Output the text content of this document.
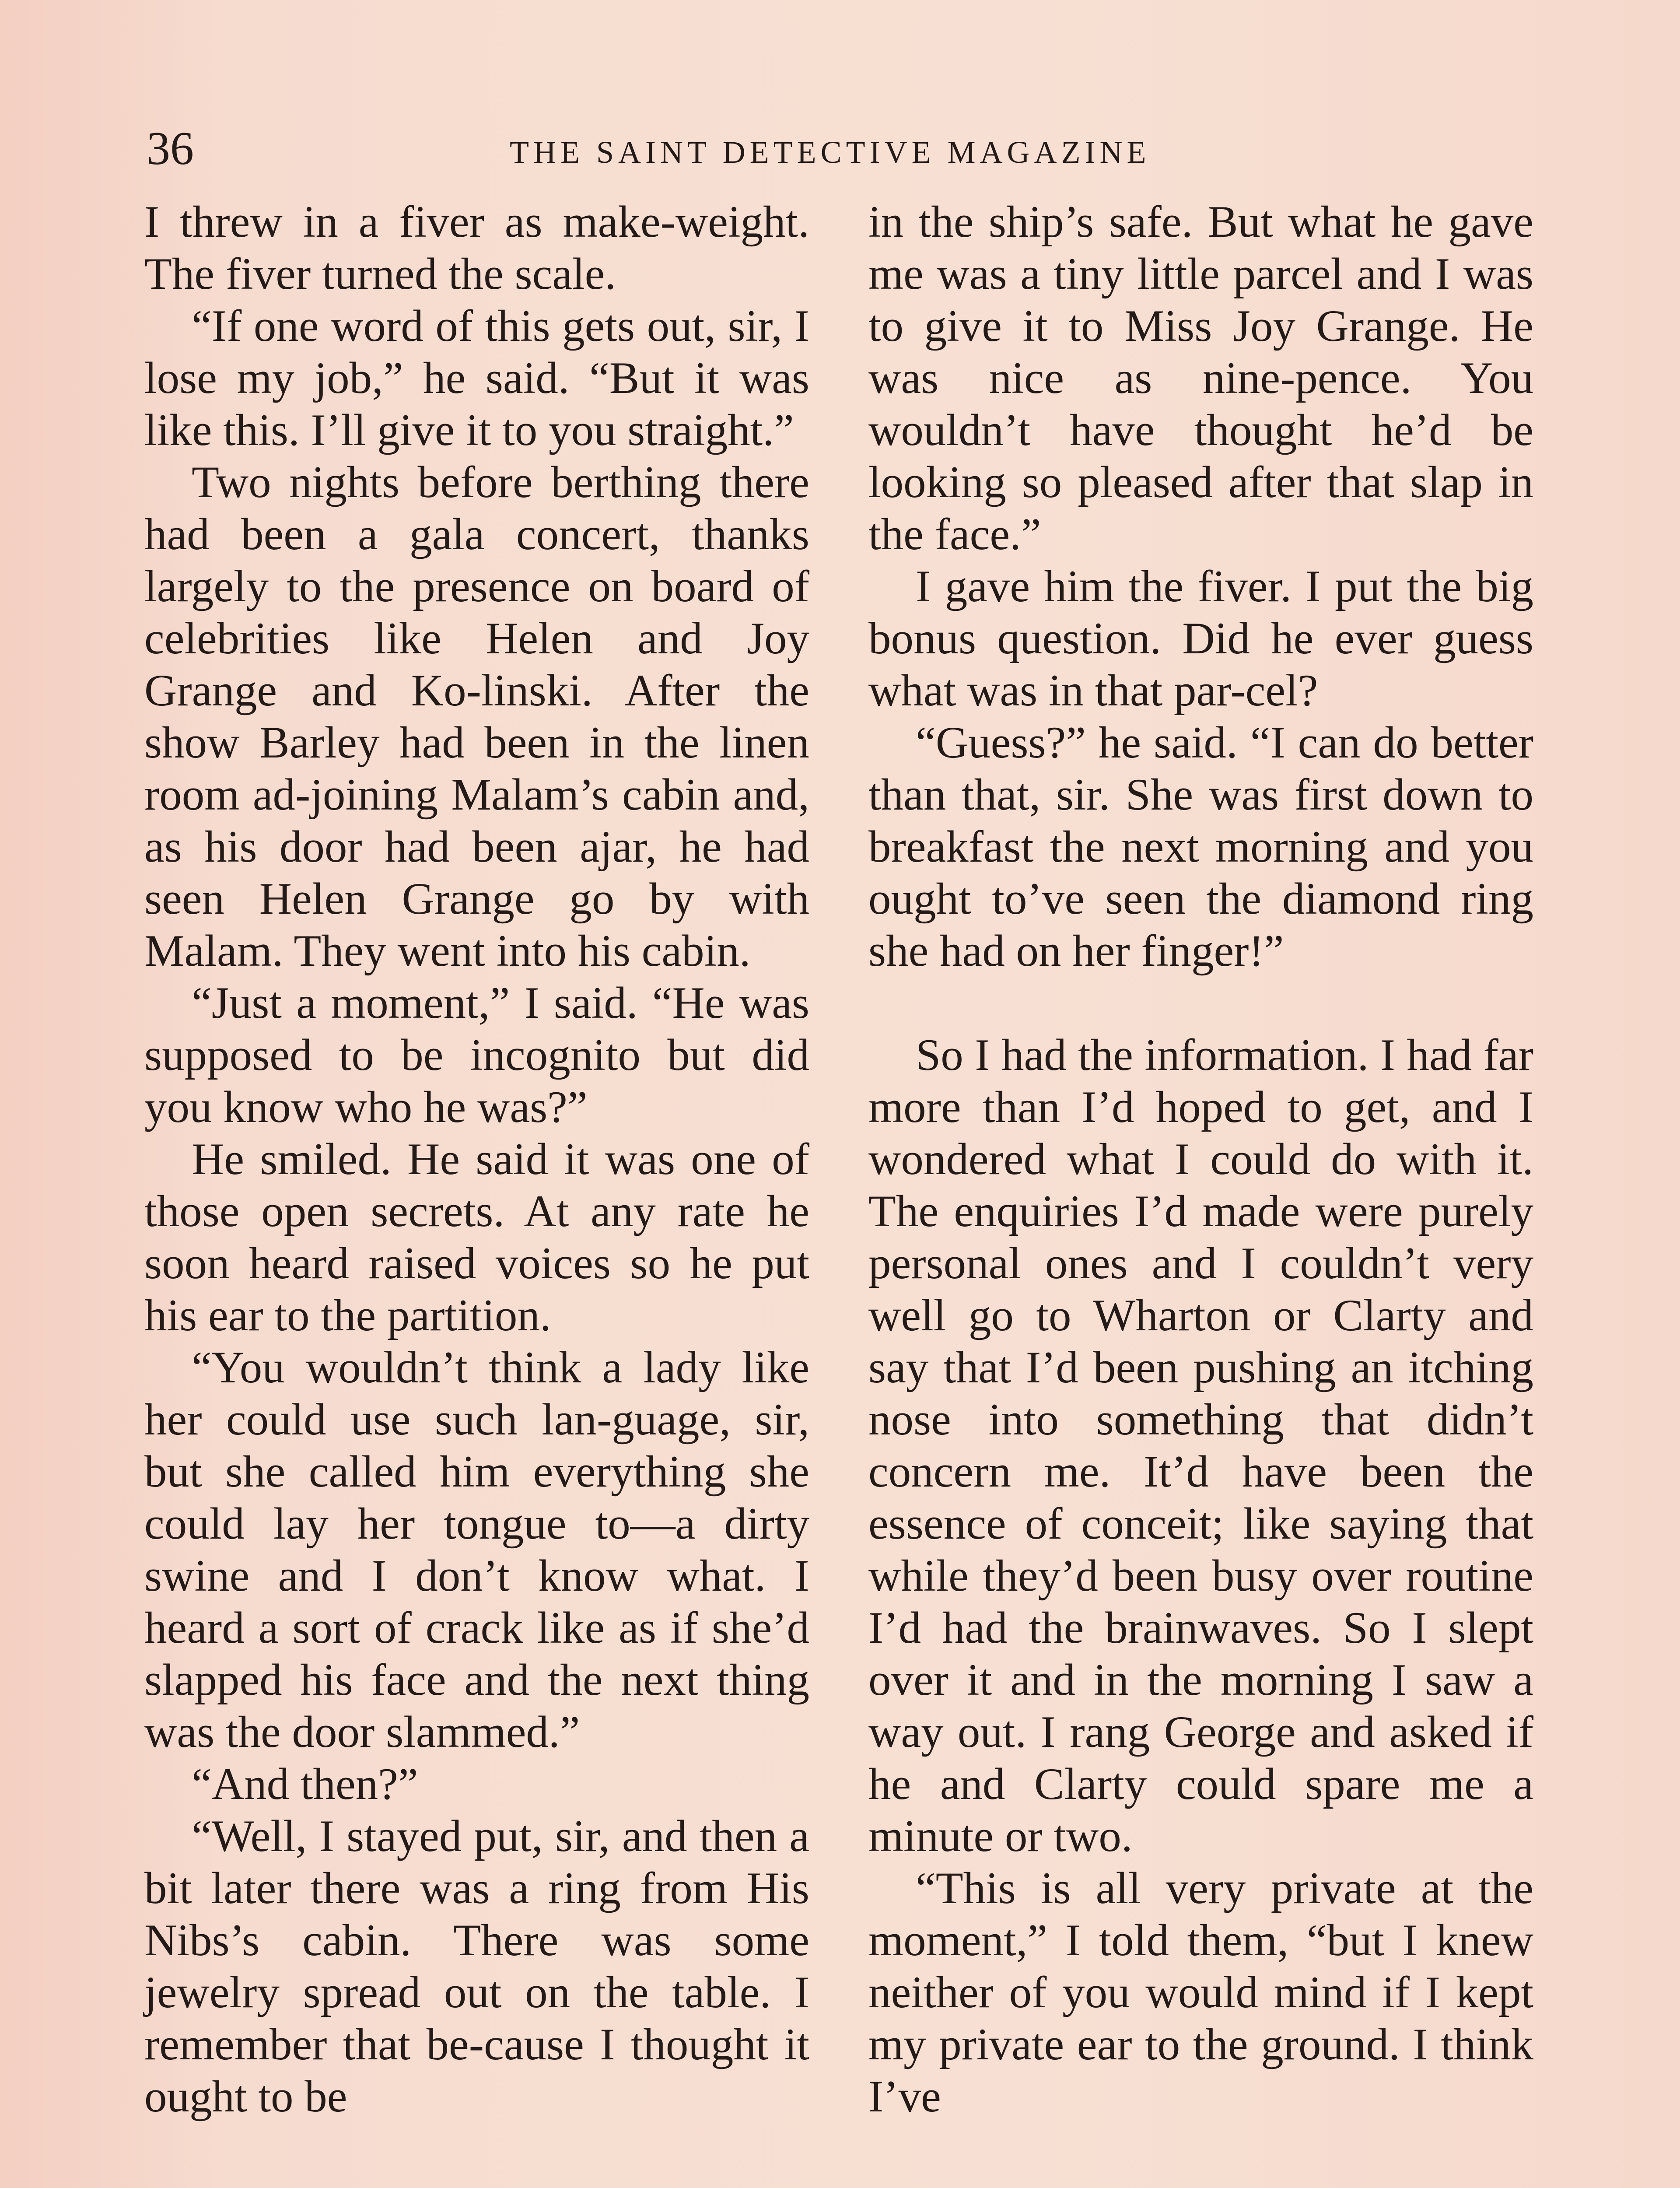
36	THE SAINT DETECTIVE MAGAZINE

I threw in a fiver as make-weight. The fiver turned the scale.

“If one word of this gets out, sir, I lose my job,” he said. “But it was like this. I’ll give it to you straight.”

Two nights before berthing there had been a gala concert, thanks largely to the presence on board of celebrities like Helen and Joy Grange and Ko-linski. After the show Barley had been in the linen room ad-joining Malam’s cabin and, as his door had been ajar, he had seen Helen Grange go by with Malam. They went into his cabin.

“Just a moment,” I said. “He was supposed to be incognito but did you know who he was?”

He smiled. He said it was one of those open secrets. At any rate he soon heard raised voices so he put his ear to the partition.

“You wouldn’t think a lady like her could use such lan-guage, sir, but she called him everything she could lay her tongue to—a dirty swine and I don’t know what. I heard a sort of crack like as if she’d slapped his face and the next thing was the door slammed.”

“And then?”

“Well, I stayed put, sir, and then a bit later there was a ring from His Nibs’s cabin. There was some jewelry spread out on the table. I remember that be-cause I thought it ought to be

in the ship’s safe. But what he gave me was a tiny little parcel and I was to give it to Miss Joy Grange. He was nice as nine-pence. You wouldn’t have thought he’d be looking so pleased after that slap in the face.”

I gave him the fiver. I put the big bonus question. Did he ever guess what was in that par-cel?

“Guess?” he said. “I can do better than that, sir. She was first down to breakfast the next morning and you ought to’ve seen the diamond ring she had on her finger!”

So I had the information. I had far more than I’d hoped to get, and I wondered what I could do with it. The enquiries I’d made were purely personal ones and I couldn’t very well go to Wharton or Clarty and say that I’d been pushing an itching nose into something that didn’t concern me. It’d have been the essence of conceit; like saying that while they’d been busy over routine I’d had the brainwaves. So I slept over it and in the morning I saw a way out. I rang George and asked if he and Clarty could spare me a minute or two.

“This is all very private at the moment,” I told them, “but I knew neither of you would mind if I kept my private ear to the ground. I think I’ve
